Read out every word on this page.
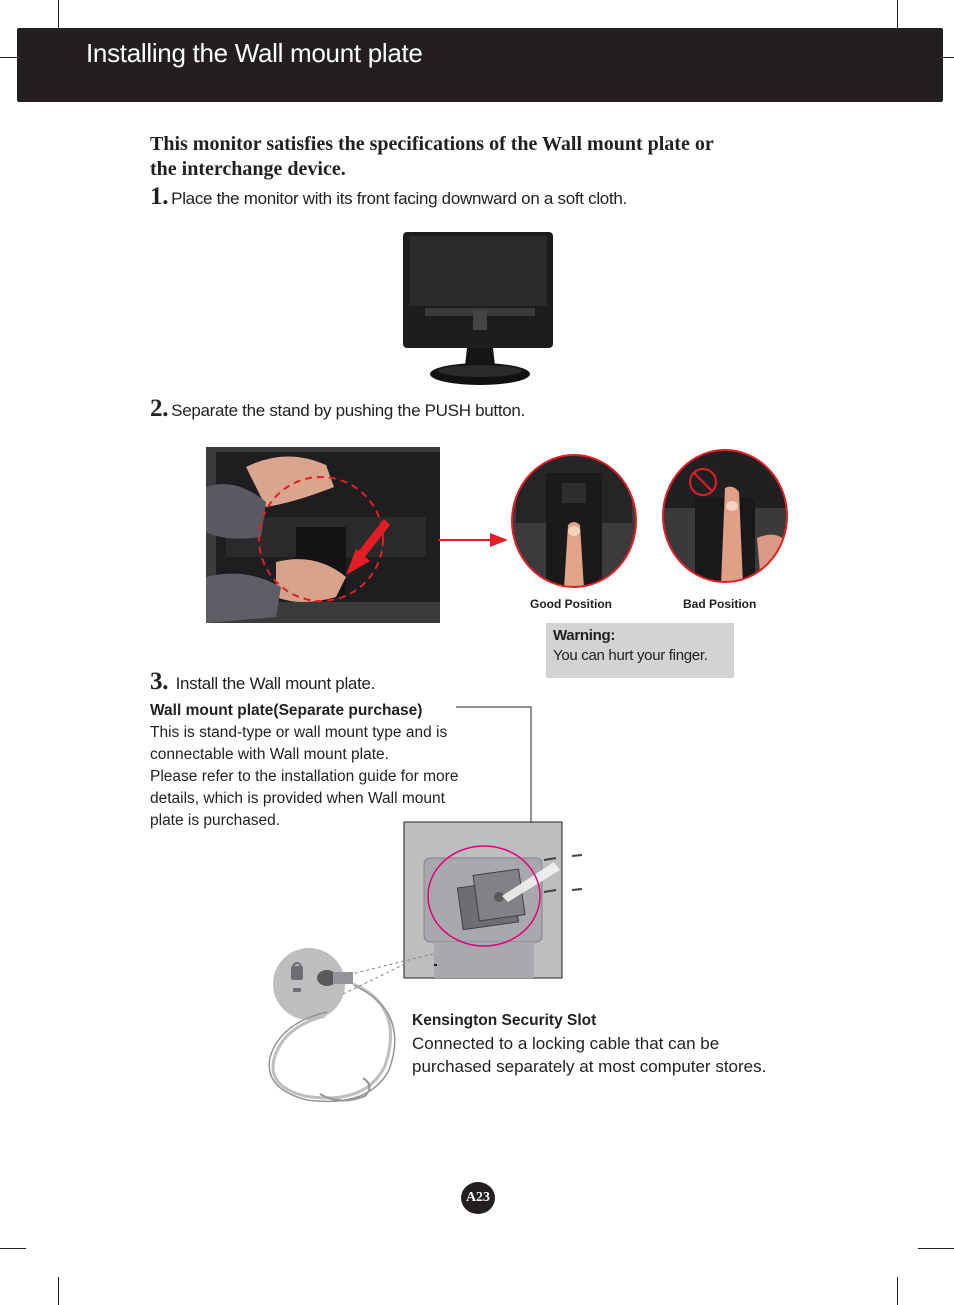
Installing the Wall mount plate
This monitor satisfies the specifications of the Wall mount plate or
the interchange device.
1. Place the monitor with its front facing downward on a soft cloth.
2. Separate the stand by pushing the PUSH button.
Good Position	Bad Position
Warning:
You can hurt your finger.
3. Install the Wall mount plate.
Wall mount plate(Separate purchase)
This is stand-type or wall mount type and is
connectable with Wall mount plate.
Please refer to the installation guide for more
details, which is provided when Wall mount
plate is purchased.
Kensington Security Slot
Connected to a locking cable that can be
purchased separately at most computer stores.
A23
